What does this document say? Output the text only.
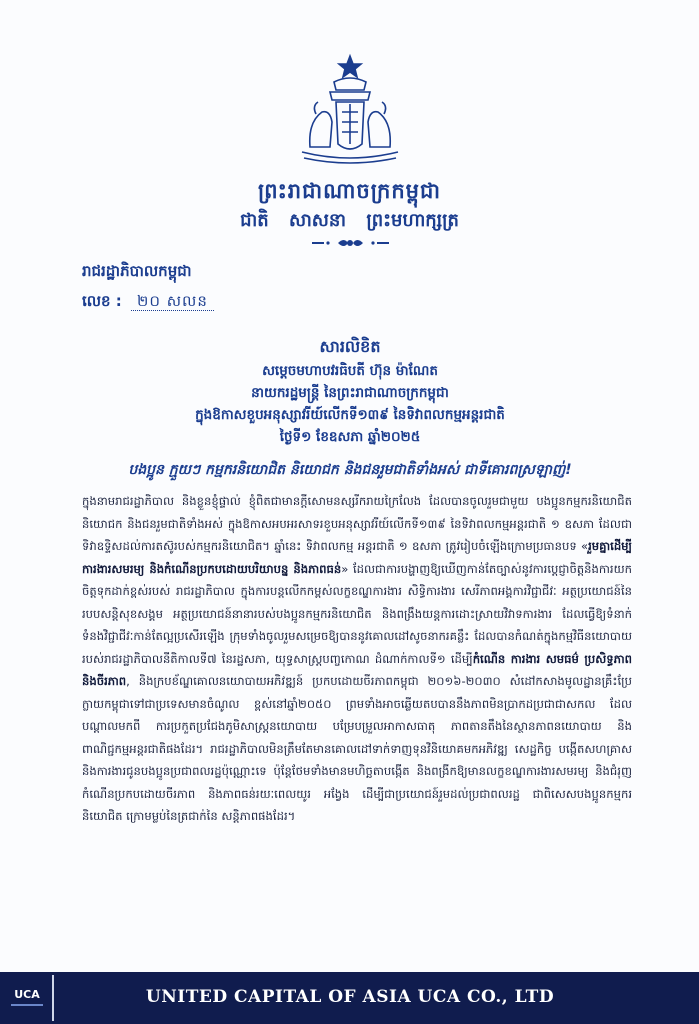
ព្រះរាជាណាចក្រកម្ពុជា
ជាតិ សាសនា ព្រះមហាក្សត្រ
រាជរដ្ឋាភិបាលកម្ពុជា
លេខ : ២០ សលន
សារលិខិត
សម្ដេចមហាបវរធិបតី ហ៊ុន ម៉ាណែត
នាយករដ្ឋមន្ត្រី នៃព្រះរាជាណាចក្រកម្ពុជា
ក្នុងឱកាសខួបអនុស្សាវរីយ៍លើកទី១៣៩ នៃទិវាពលកម្មអន្តរជាតិ
ថ្ងៃទី១ ខែឧសភា ឆ្នាំ២០២៥
បងប្អូន ក្មួយៗ កម្មករនិយោជិត និយោជក និងជនរួមជាតិទាំងអស់ ជាទីគោរពស្រឡាញ់!

ក្នុងនាមរាជរដ្ឋាភិបាល និងខ្លួនខ្ញុំផ្ទាល់ ខ្ញុំពិតជាមានក្ដីសោមនស្សរីករាយក្រៃលែង ដែលបានចូលរួមជាមួយ បងប្អូនកម្មករនិយោជិត និយោជក និងជនរួមជាតិទាំងអស់ ក្នុងឱកាសអបអរសាទរខួបអនុស្សាវរីយ៍លើកទី១៣៩ នៃទិវាពលកម្មអន្តរជាតិ ១ ឧសភា ដែលជាទិវាឧទ្ទិសដល់ការតស៊ូរបស់កម្មករនិយោជិត។ ឆ្នាំនេះ ទិវាពលកម្ម អន្តរជាតិ ១ ឧសភា ត្រូវរៀបចំឡើងក្រោមប្រធានបទ «រួមគ្នាដើម្បីការងារសមរម្យ និងកំណើនប្រកបដោយបរិយាបន្ន និងភាពធន់» ដែលជាការបង្ហាញឱ្យឃើញកាន់តែច្បាស់នូវការប្ដេជ្ញាចិត្តនិងការយកចិត្តទុកដាក់ខ្ពស់របស់ រាជរដ្ឋាភិបាល ក្នុងការបន្តលើកកម្ពស់លក្ខខណ្ឌការងារ សិទ្ធិការងារ សេរីភាពអង្គការវិជ្ជាជីវៈ អត្ថប្រយោជន៍នៃ របបសន្តិសុខសង្គម អត្ថប្រយោជន៍នានារបស់បងប្អូនកម្មករនិយោជិត និងពង្រឹងយន្តការដោះស្រាយវិវាទការងារ ដែលធ្វើឱ្យទំនាក់ទំនងវិជ្ជាជីវៈកាន់តែល្អប្រសើរឡើង ក្រុមទាំងចូលរួមសម្រេចឱ្យបាននូវគោលដៅសូចនាករគន្លឹះ ដែលបានកំណត់ក្នុងកម្មវិធីនយោបាយរបស់រាជរដ្ឋាភិបាលនីតិកាលទី៧ នៃរដ្ឋសភា, យុទ្ធសាស្ត្របញ្ចកោណ ដំណាក់កាលទី១ ដើម្បីកំណើន ការងារ សមធម៌ ប្រសិទ្ធភាព និងចីរភាព, និងក្របខ័ណ្ឌគោលនយោបាយអភិវឌ្ឍន៍ ប្រកបដោយចីរភាពកម្ពុជា ២០១៦-២០៣០ សំដៅកសាងមូលដ្ឋានគ្រឹះប្រែក្លាយកម្ពុជាទៅជាប្រទេសមានចំណូល ខ្ពស់នៅឆ្នាំ២០៥០ ព្រមទាំងអាចឆ្លើយតបបាននឹងភាពមិនប្រាកដប្រជាជាសកល ដែលបណ្ដាលមកពី ការប្រកួតប្រជែងភូមិសាស្ត្រនយោបាយ បម្រែបម្រួលអាកាសធាតុ ភាពតានតឹងនៃស្ថានភាពនយោបាយ និង ពាណិជ្ជកម្មអន្តរជាតិផងដែរ។ រាជរដ្ឋាភិបាលមិនត្រឹមតែមានគោលដៅទាក់ទាញទុនវិនិយោគមកអភិវឌ្ឍ សេដ្ឋកិច្ច បង្កើតសហគ្រាស និងការងារជូនបងប្អូនប្រជាពលរដ្ឋប៉ុណ្ណោះទេ ប៉ុន្តែថែមទាំងមានមហិច្ឆតាបង្កើត និងពង្រីកឱ្យមានលក្ខខណ្ឌការងារសមរម្យ និងជំរុញកំណើនប្រកបដោយចីរភាព និងភាពធន់រយៈពេលយូរ អង្វែង ដើម្បីជាប្រយោជន៍រួមដល់ប្រជាពលរដ្ឋ ជាពិសេសបងប្អូនកម្មករនិយោជិត ក្រោមម្លប់នៃត្រជាក់នៃ សន្តិភាពផងដែរ។

UCA	UNITED CAPITAL OF ASIA UCA CO., LTD
